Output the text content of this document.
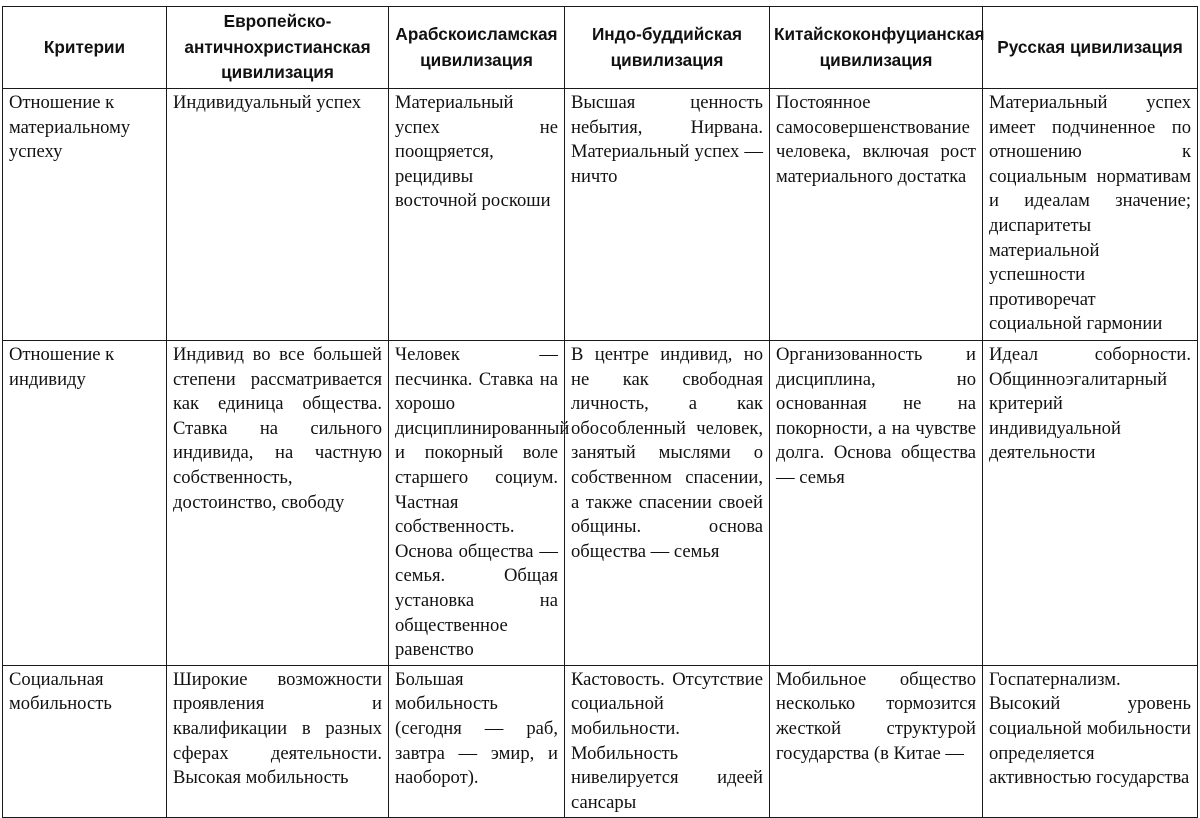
Критерии	Европейско-античнохристианская цивилизация	Арабскоисламская цивилизация	Индо-буддийская цивилизация	Китайскоконфуцианская цивилизация	Русская цивилизация
Отношение к материальному успеху	Индивидуальный успех	Материальный успех не поощряется, рецидивы восточной роскоши	Высшая ценность небытия, Нирвана. Материальный успех — ничто	Постоянное самосовершенствование человека, включая рост материального достатка	Материальный успех имеет подчиненное по отношению к социальным нормативам и идеалам значение; диспаритеты материальной успешности противоречат социальной гармонии
Отношение к индивиду	Индивид во все большей степени рассматривается как единица общества. Ставка на сильного индивида, на частную собственность, достоинство, свободу	Человек — песчинка. Ставка на хорошо дисциплинированный и покорный воле старшего социум. Частная собственность. Основа общества — семья. Общая установка на общественное равенство	В центре индивид, но не как свободная личность, а как обособленный человек, занятый мыслями о собственном спасении, а также спасении своей общины. основа общества — семья	Организованность и дисциплина, но основанная не на покорности, а на чувстве долга. Основа общества — семья	Идеал соборности. Общинноэгалитарный критерий индивидуальной деятельности
Социальная мобильность	Широкие возможности проявления и квалификации в разных сферах деятельности. Высокая мобильность	Большая мобильность (сегодня — раб, завтра — эмир, и наоборот).	Кастовость. Отсутствие социальной мобильности. Мобильность нивелируется идеей сансары	Мобильное общество несколько тормозится жесткой структурой государства (в Китае —	Госпатернализм. Высокий уровень социальной мобильности определяется активностью государства
